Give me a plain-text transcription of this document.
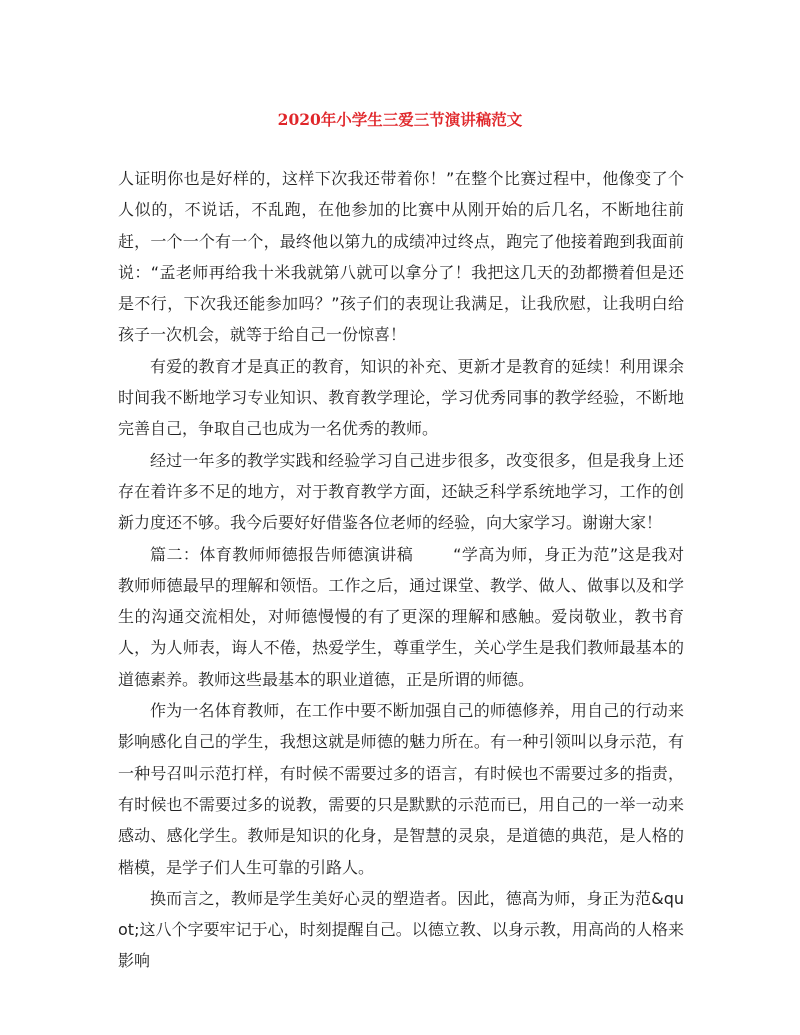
2020年小学生三爱三节演讲稿范文

人证明你也是好样的，这样下次我还带着你！”在整个比赛过程中，他像变了个人似的，不说话，不乱跑，在他参加的比赛中从刚开始的后几名，不断地往前赶，一个一个有一个，最终他以第九的成绩冲过终点，跑完了他接着跑到我面前说：“孟老师再给我十米我就第八就可以拿分了！我把这几天的劲都攒着但是还是不行，下次我还能参加吗？”孩子们的表现让我满足，让我欣慰，让我明白给孩子一次机会，就等于给自己一份惊喜！

有爱的教育才是真正的教育，知识的补充、更新才是教育的延续！利用课余时间我不断地学习专业知识、教育教学理论，学习优秀同事的教学经验，不断地完善自己，争取自己也成为一名优秀的教师。

经过一年多的教学实践和经验学习自己进步很多，改变很多，但是我身上还存在着许多不足的地方，对于教育教学方面，还缺乏科学系统地学习，工作的创新力度还不够。我今后要好好借鉴各位老师的经验，向大家学习。谢谢大家！

篇二：体育教师师德报告师德演讲稿	“学高为师，身正为范”这是我对教师师德最早的理解和领悟。工作之后，通过课堂、教学、做人、做事以及和学生的沟通交流相处，对师德慢慢的有了更深的理解和感触。爱岗敬业，教书育人，为人师表，诲人不倦，热爱学生，尊重学生，关心学生是我们教师最基本的道德素养。教师这些最基本的职业道德，正是所谓的师德。

作为一名体育教师，在工作中要不断加强自己的师德修养，用自己的行动来影响感化自己的学生，我想这就是师德的魅力所在。有一种引领叫以身示范，有一种号召叫示范打样，有时候不需要过多的语言，有时候也不需要过多的指责，有时候也不需要过多的说教，需要的只是默默的示范而已，用自己的一举一动来感动、感化学生。教师是知识的化身，是智慧的灵泉，是道德的典范，是人格的楷模，是学子们人生可靠的引路人。

换而言之，教师是学生美好心灵的塑造者。因此，德高为师，身正为范&quot;这八个字要牢记于心，时刻提醒自己。以德立教、以身示教，用高尚的人格来影响
